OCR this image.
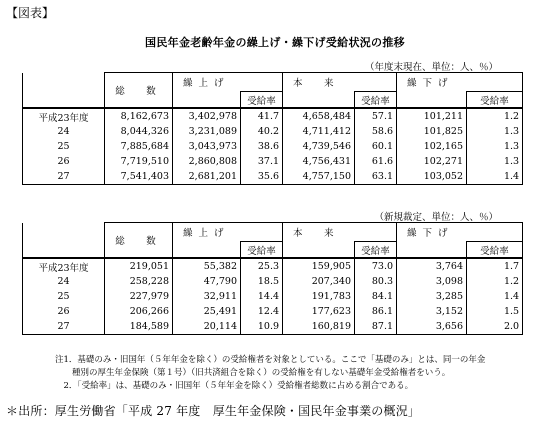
【図表】
国民年金老齢年金の繰上げ・繰下げ受給状況の推移
（年度末現在、単位：人、％）
	総　数	繰上げ		本　来		繰下げ	
			受給率		受給率		受給率
平成23年度	8,162,673	3,402,978	41.7	4,658,484	57.1	101,211	1.2
24	8,044,326	3,231,089	40.2	4,711,412	58.6	101,825	1.3
25	7,885,684	3,043,973	38.6	4,739,546	60.1	102,165	1.3
26	7,719,510	2,860,808	37.1	4,756,431	61.6	102,271	1.3
27	7,541,403	2,681,201	35.6	4,757,150	63.1	103,052	1.4
（新規裁定、単位：人、％）
	総　数	繰上げ		本　来		繰下げ	
			受給率		受給率		受給率
平成23年度	219,051	55,382	25.3	159,905	73.0	3,764	1.7
24	258,228	47,790	18.5	207,340	80.3	3,098	1.2
25	227,979	32,911	14.4	191,783	84.1	3,285	1.4
26	206,266	25,491	12.4	177,623	86.1	3,152	1.5
27	184,589	20,114	10.9	160,819	87.1	3,656	2.0
注1．基礎のみ・旧国年（５年年金を除く）の受給権者を対象としている。ここで「基礎のみ」とは、同一の年金
　　種別の厚生年金保険（第１号）（旧共済組合を除く）の受給権を有しない基礎年金受給権者をいう。
　2．「受給率」は、基礎のみ・旧国年（５年年金を除く）受給権者総数に占める割合である。
＊出所：厚生労働省「平成 27 年度　厚生年金保険・国民年金事業の概況」
